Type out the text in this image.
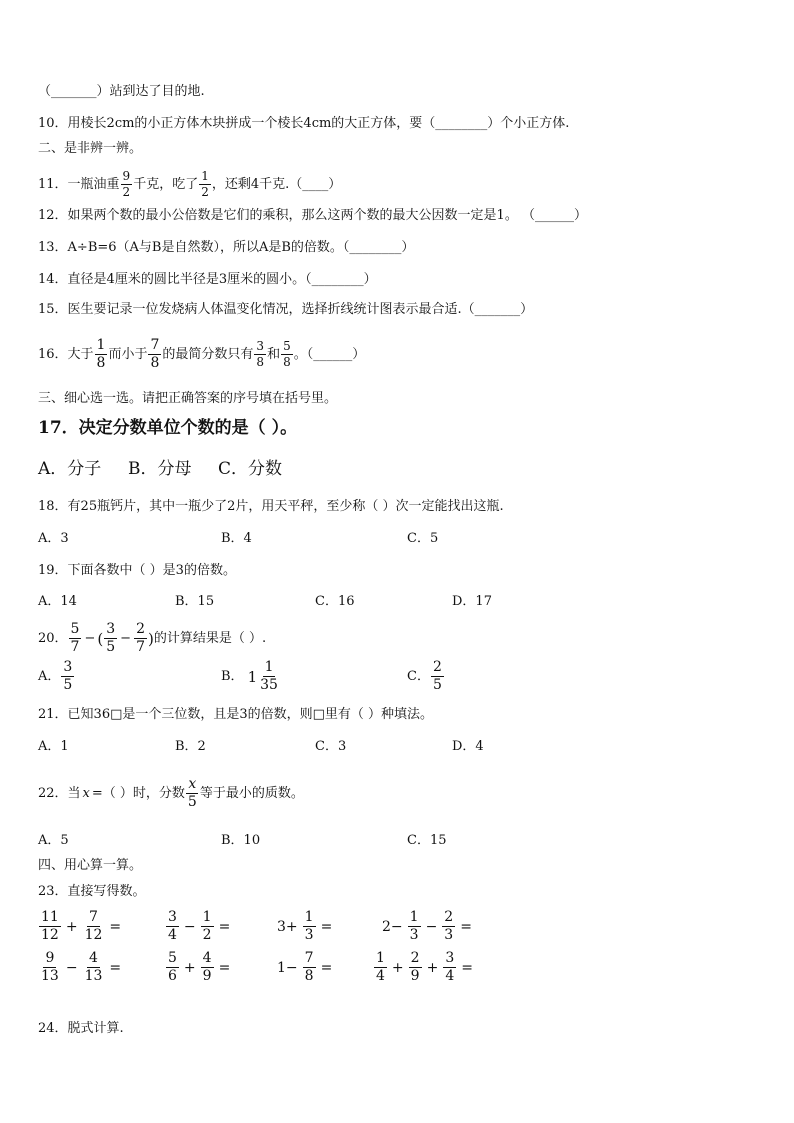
（_______）站到达了目的地.
10．用棱长2cm的小正方体木块拼成一个棱长4cm的大正方体，要（________）个小正方体.
二、是非辨一辨。
11．一瓶油重 $\frac{9}{2}$ 千克，吃了 $\frac{1}{2}$ ，还剩4千克.（____）
12．如果两个数的最小公倍数是它们的乘积，那么这两个数的最大公因数一定是1。 （______）
13．A÷B=6（A与B是自然数），所以A是B的倍数。（________）
14．直径是4厘米的圆比半径是3厘米的圆小。（________）
15．医生要记录一位发烧病人体温变化情况，选择折线统计图表示最合适.（_______）
16．大于 $\frac{1}{8}$ 而小于 $\frac{7}{8}$ 的最简分数只有 $\frac{3}{8}$ 和 $\frac{5}{8}$ 。（______）
三、细心选一选。请把正确答案的序号填在括号里。
17．决定分数单位个数的是（ ）。
A．分子 B．分母 C．分数
18．有25瓶钙片，其中一瓶少了2片，用天平秤，至少称（ ）次一定能找出这瓶.
A．3	B．4	C．5
19．下面各数中（ ）是3的倍数。
A．14	B．15	C．16	D．17
20． $\frac{5}{7}$ − ( $\frac{3}{5} - \frac{2}{7}$ ) 的计算结果是（ ）.
A． $\frac{3}{5}$	B． $1 \frac{1}{35}$	C． $\frac{2}{5}$
21．已知36□是一个三位数，且是3的倍数，则□里有（ ）种填法。
A．1	B．2	C．3	D．4
22．当 x =（ ）时，分数 $\frac{x}{5}$ 等于最小的质数。
A．5	B．10	C．15
四、用心算一算。
23．直接写得数。
$\frac{11}{12} + \frac{7}{12}$ =	$\frac{3}{4} - \frac{1}{2}$ =	$3+ \frac{1}{3}$ =	$2- \frac{1}{3} - \frac{2}{3}$ =
$\frac{9}{13} - \frac{4}{13}$ =	$\frac{5}{6} + \frac{4}{9}$ =	$1- \frac{7}{8}$ =	$\frac{1}{4} + \frac{2}{9} + \frac{3}{4}$ =
24．脱式计算.
